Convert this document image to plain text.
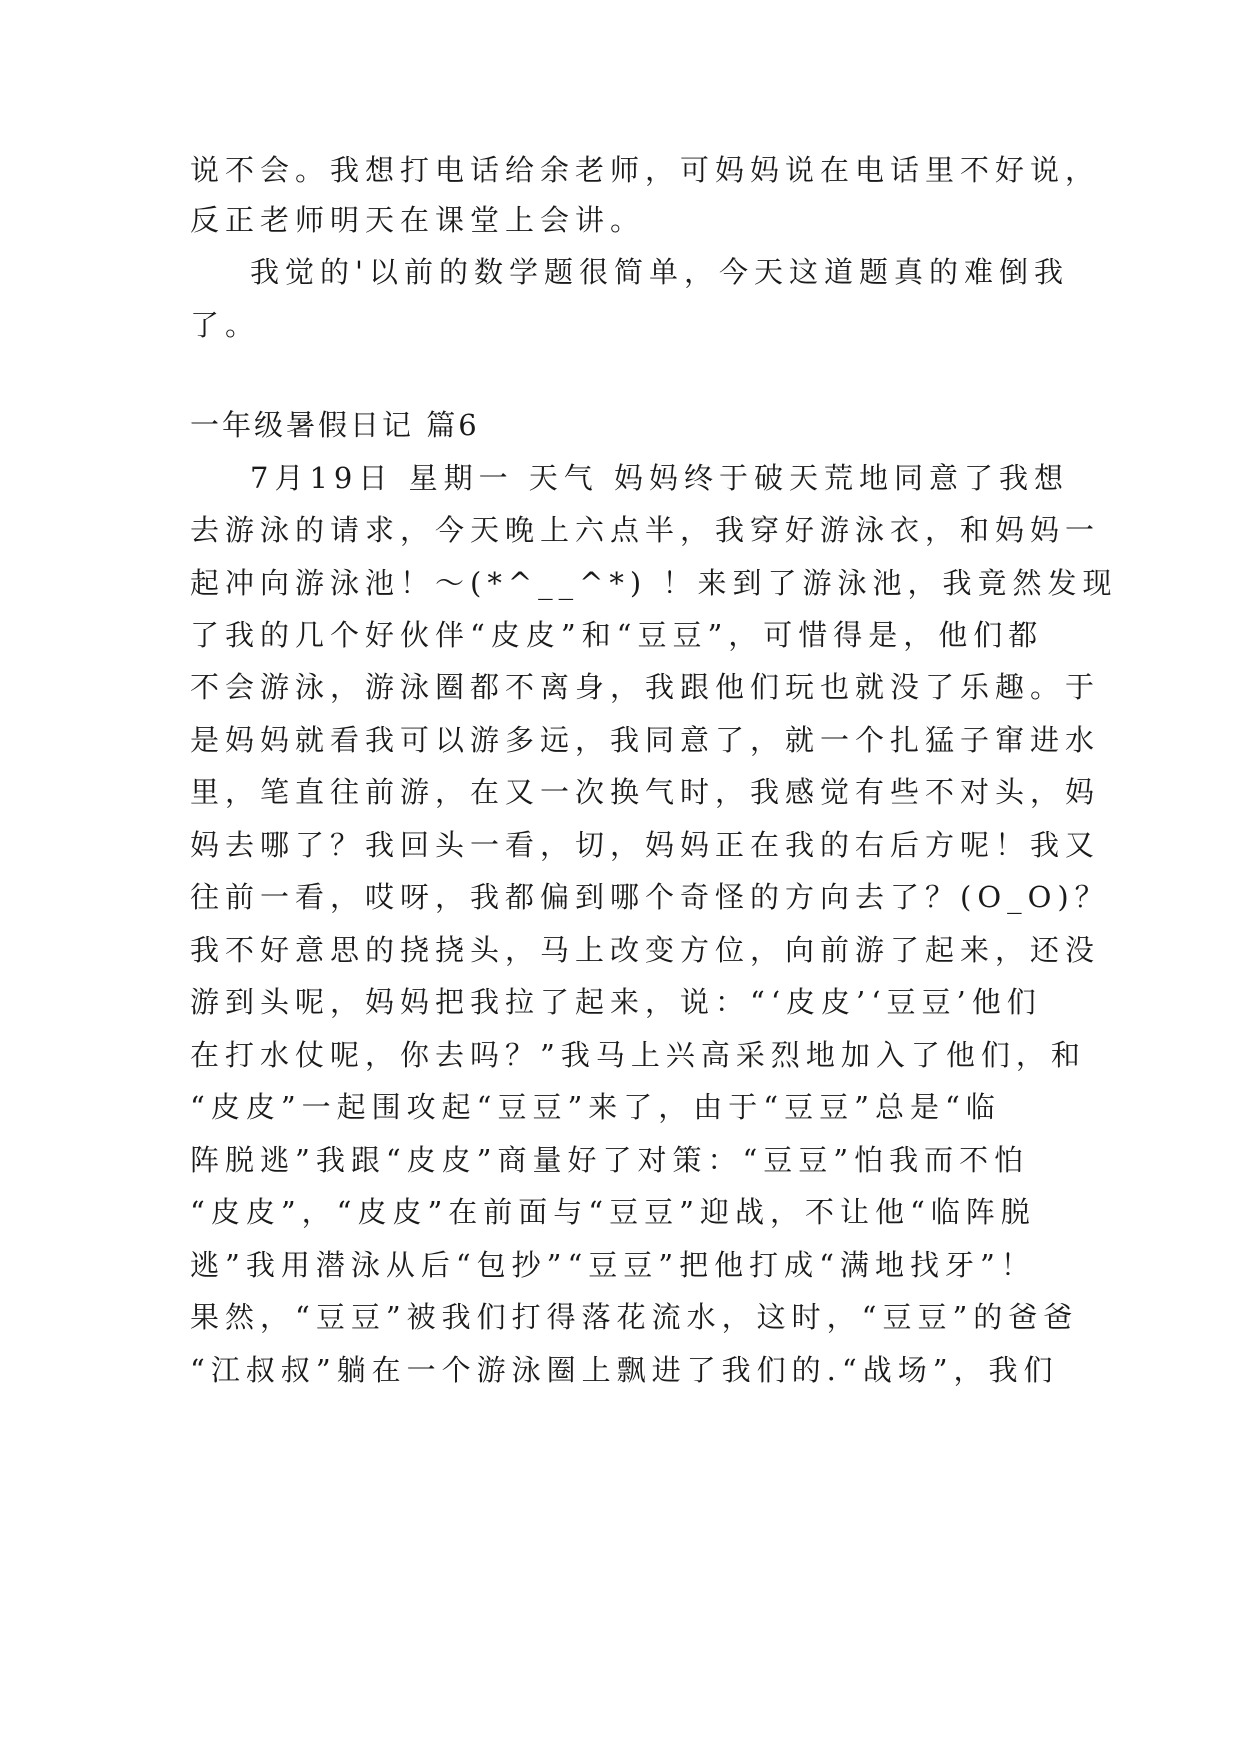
说不会。我想打电话给余老师，可妈妈说在电话里不好说，
反正老师明天在课堂上会讲。
我觉的'以前的数学题很简单，今天这道题真的难倒我
了。
一年级暑假日记 篇6
7月19日 星期一 天气 妈妈终于破天荒地同意了我想
去游泳的请求，今天晚上六点半，我穿好游泳衣，和妈妈一
起冲向游泳池！～(*^__^*) ！来到了游泳池，我竟然发现
了我的几个好伙伴“皮皮”和“豆豆”，可惜得是，他们都
不会游泳，游泳圈都不离身，我跟他们玩也就没了乐趣。于
是妈妈就看我可以游多远，我同意了，就一个扎猛子窜进水
里，笔直往前游，在又一次换气时，我感觉有些不对头，妈
妈去哪了？我回头一看，切，妈妈正在我的右后方呢！我又
往前一看，哎呀，我都偏到哪个奇怪的方向去了？(O_O)？
我不好意思的挠挠头，马上改变方位，向前游了起来，还没
游到头呢，妈妈把我拉了起来，说：“‘皮皮’‘豆豆’他们
在打水仗呢，你去吗？”我马上兴高采烈地加入了他们，和
“皮皮”一起围攻起“豆豆”来了，由于“豆豆”总是“临
阵脱逃”我跟“皮皮”商量好了对策：“豆豆”怕我而不怕
“皮皮”，“皮皮”在前面与“豆豆”迎战，不让他“临阵脱
逃”我用潜泳从后“包抄”“豆豆”把他打成“满地找牙”！
果然，“豆豆”被我们打得落花流水，这时，“豆豆”的爸爸
“江叔叔”躺在一个游泳圈上飘进了我们的.“战场”，我们
